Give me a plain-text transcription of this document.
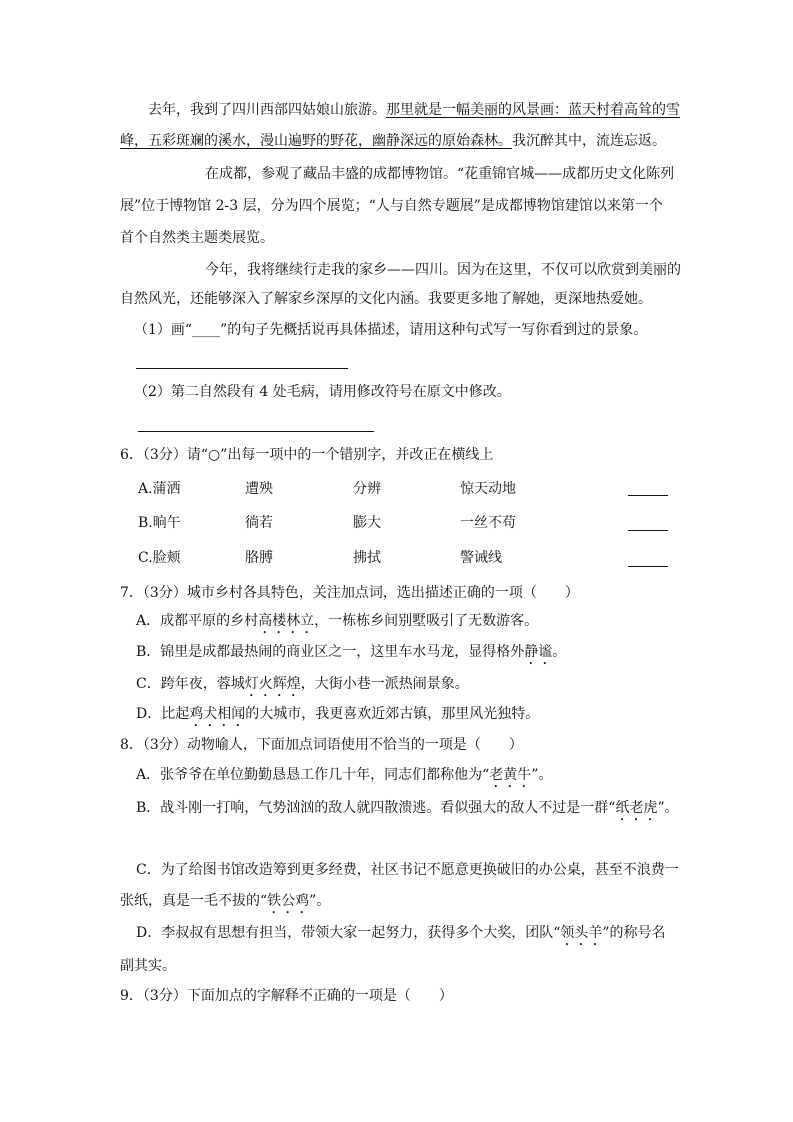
去年，我到了四川西部四姑娘山旅游。那里就是一幅美丽的风景画：蓝天村着高耸的雪
峰，五彩斑斓的溪水，漫山遍野的野花，幽静深远的原始森林。我沉醉其中，流连忘返。
在成都，参观了藏品丰盛的成都博物馆。“花重锦官城——成都历史文化陈列
展”位于博物馆 2-3 层，分为四个展览；“人与自然专题展”是成都博物馆建馆以来第一个
首个自然类主题类展览。
今年，我将继续行走我的家乡——四川。因为在这里，不仅可以欣赏到美丽的
自然风光，还能够深入了解家乡深厚的文化内涵。我要更多地了解她，更深地热爱她。
（1）画“____”的句子先概括说再具体描述，请用这种句式写一写你看到过的景象。
（2）第二自然段有 4 处毛病，请用修改符号在原文中修改。
6．（3分）请“○”出每一项中的一个错别字，并改正在横线上
A.蒲洒	遭殃	分辨	惊天动地
B.晌午	徜若	膨大	一丝不苟
C.脸颊	胳膊	拂拭	警诫线
7．（3分）城市乡村各具特色，关注加点词，选出描述正确的一项（　　）
A．成都平原的乡村高楼林立，一栋栋乡间别墅吸引了无数游客。
B．锦里是成都最热闹的商业区之一，这里车水马龙，显得格外静谧。
C．跨年夜，蓉城灯火辉煌，大街小巷一派热闹景象。
D．比起鸡犬相闻的大城市，我更喜欢近郊古镇，那里风光独特。
8．（3分）动物喻人，下面加点词语使用不恰当的一项是（　　）
A．张爷爷在单位勤勤恳恳工作几十年，同志们都称他为“老黄牛”。
B．战斗刚一打响，气势汹汹的敌人就四散溃逃。看似强大的敌人不过是一群“纸老虎”。
C．为了给图书馆改造筹到更多经费，社区书记不愿意更换破旧的办公桌，甚至不浪费一
张纸，真是一毛不拔的“铁公鸡”。
D．李叔叔有思想有担当，带领大家一起努力，获得多个大奖，团队“领头羊”的称号名
副其实。
9．（3分）下面加点的字解释不正确的一项是（　　）
